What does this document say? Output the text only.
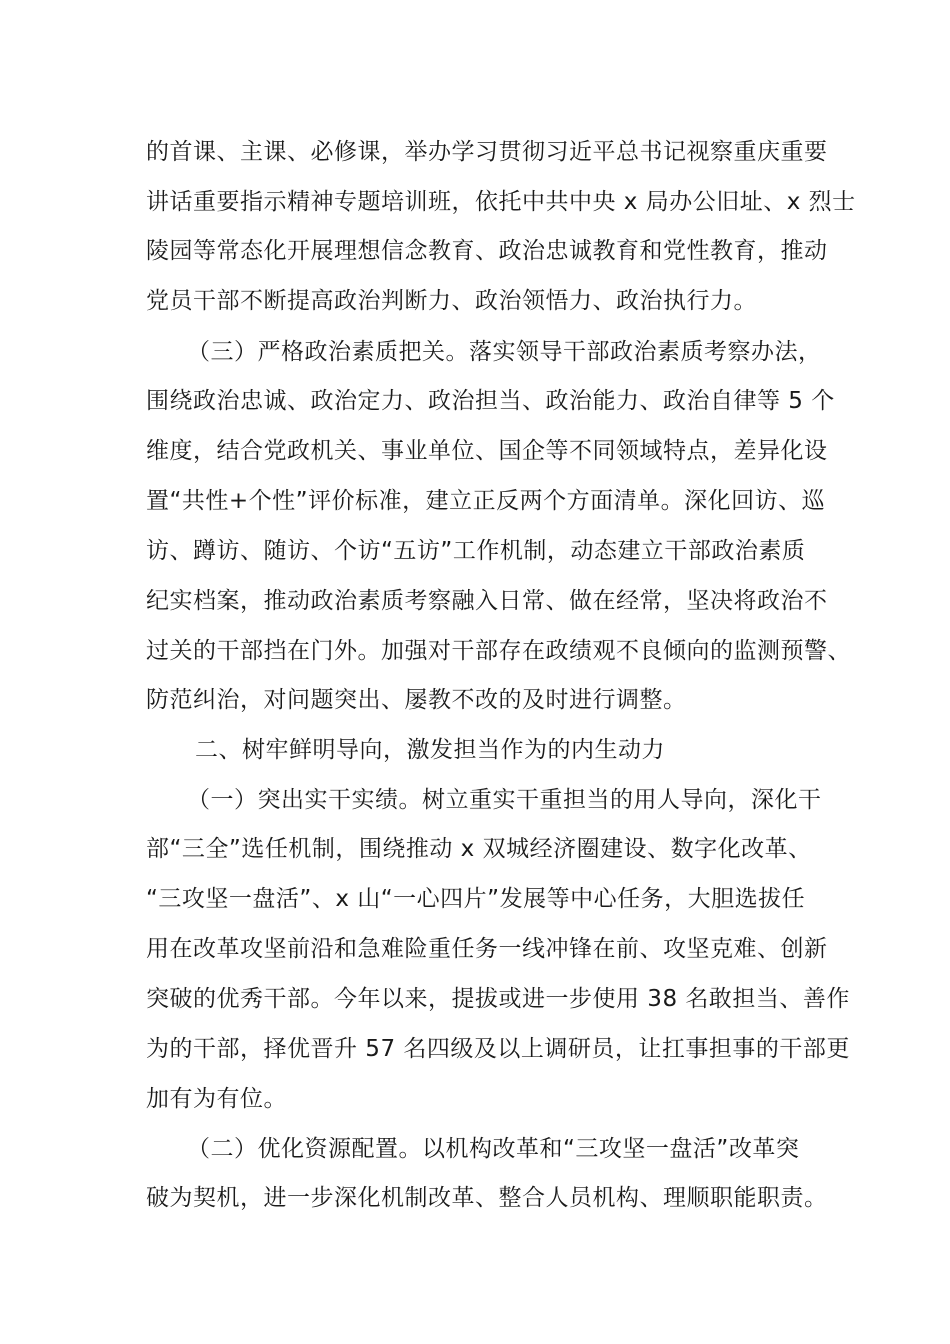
的首课、主课、必修课，举办学习贯彻习近平总书记视察重庆重要
讲话重要指示精神专题培训班，依托中共中央 x 局办公旧址、x 烈士
陵园等常态化开展理想信念教育、政治忠诚教育和党性教育，推动
党员干部不断提高政治判断力、政治领悟力、政治执行力。
（三）严格政治素质把关。落实领导干部政治素质考察办法，
围绕政治忠诚、政治定力、政治担当、政治能力、政治自律等 5 个
维度，结合党政机关、事业单位、国企等不同领域特点，差异化设
置“共性+个性”评价标准，建立正反两个方面清单。深化回访、巡
访、蹲访、随访、个访“五访”工作机制，动态建立干部政治素质
纪实档案，推动政治素质考察融入日常、做在经常，坚决将政治不
过关的干部挡在门外。加强对干部存在政绩观不良倾向的监测预警、
防范纠治，对问题突出、屡教不改的及时进行调整。
二、树牢鲜明导向，激发担当作为的内生动力
（一）突出实干实绩。树立重实干重担当的用人导向，深化干
部“三全”选任机制，围绕推动 x 双城经济圈建设、数字化改革、
“三攻坚一盘活”、x 山“一心四片”发展等中心任务，大胆选拔任
用在改革攻坚前沿和急难险重任务一线冲锋在前、攻坚克难、创新
突破的优秀干部。今年以来，提拔或进一步使用 38 名敢担当、善作
为的干部，择优晋升 57 名四级及以上调研员，让扛事担事的干部更
加有为有位。
（二）优化资源配置。以机构改革和“三攻坚一盘活”改革突
破为契机，进一步深化机制改革、整合人员机构、理顺职能职责。
